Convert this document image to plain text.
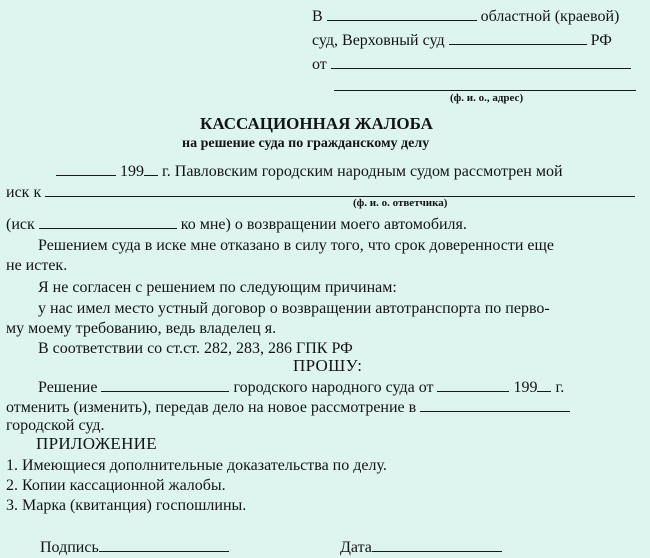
В	областной (краевой)
суд, Верховный суд	РФ
от
(ф. и. о., адрес)
КАССАЦИОННАЯ ЖАЛОБА
на решение суда по гражданскому делу
199 г. Павловским городским народным судом рассмотрен мой
иск к
(ф. и. о. ответчика)
(иск	ко мне) о возвращении моего автомобиля.
Решением суда в иске мне отказано в силу того, что срок доверенности еще
не истек.
Я не согласен с решением по следующим причинам:
у нас имел место устный договор о возвращении автотранспорта по перво-
му моему требованию, ведь владелец я.
В соответствии со ст.ст. 282, 283, 286 ГПК РФ
ПРОШУ:
Решение	городского народного суда от	199 г.
отменить (изменить), передав дело на новое рассмотрение в
городской суд.
ПРИЛОЖЕНИЕ
1. Имеющиеся дополнительные доказательства по делу.
2. Копии кассационной жалобы.
3. Марка (квитанция) госпошлины.
Подпись	Дата
